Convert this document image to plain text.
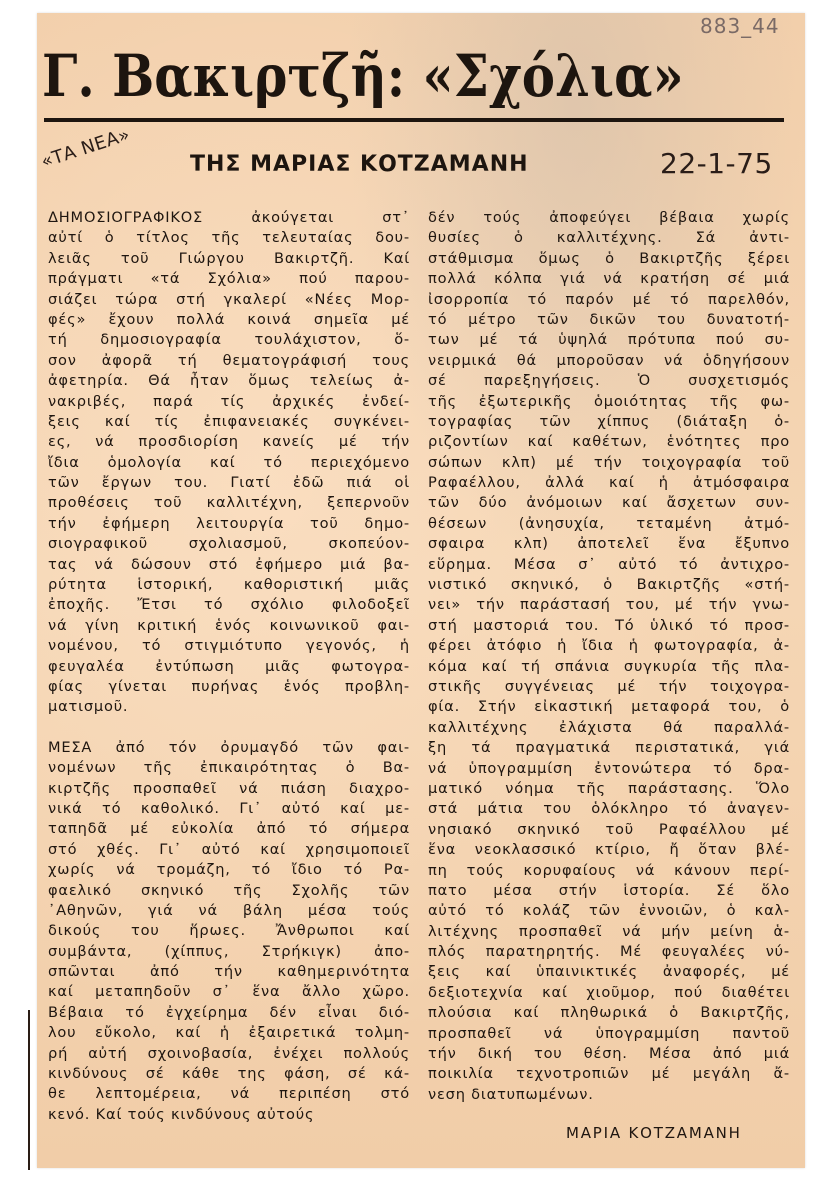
883_44
Γ. Βακιρτζῆ: «Σχόλια»
«ΤΑ ΝΕΑ»	ΤΗΣ ΜΑΡΙΑΣ ΚΟΤΖΑΜΑΝΗ	22-1-75
ΔΗΜΟΣΙΟΓΡΑΦΙΚΟΣ ἀκούγεται στ᾽
αὐτί ὁ τίτλος τῆς τελευταίας δου-
λειᾶς τοῦ Γιώργου Βακιρτζῆ. Καί
πράγματι «τά Σχόλια» πού παρου-
σιάζει τώρα στή γκαλερί «Νέες Μορ-
φές» ἔχουν πολλά κοινά σημεῖα μέ
τή δημοσιογραφία τουλάχιστον, ὅ-
σον ἀφορᾶ τή θεματογράφισή τους
ἀφετηρία. Θά ἦταν ὅμως τελείως ἀ-
νακριβές, παρά τίς ἀρχικές ἐνδεί-
ξεις καί τίς ἐπιφανειακές συγκένει-
ες, νά προσδιορίση κανείς μέ τήν
ἴδια ὁμολογία καί τό περιεχόμενο
τῶν ἔργων του. Γιατί ἐδῶ πιά οἱ
προθέσεις τοῦ καλλιτέχνη, ξεπερνοῦν
τήν ἐφήμερη λειτουργία τοῦ δημο-
σιογραφικοῦ σχολιασμοῦ, σκοπεύον-
τας νά δώσουν στό ἐφήμερο μιά βα-
ρύτητα ἱστορική, καθοριστική μιᾶς
ἐποχῆς. Ἔτσι τό σχόλιο φιλοδοξεῖ
νά γίνη κριτική ἑνός κοινωνικοῦ φαι-
νομένου, τό στιγμιότυπο γεγονός, ἡ
φευγαλέα ἐντύπωση μιᾶς φωτογρα-
φίας γίνεται πυρήνας ἑνός προβλη-
ματισμοῦ.
ΜΕΣΑ ἀπό τόν ὀρυμαγδό τῶν φαι-
νομένων τῆς ἐπικαιρότητας ὁ Βα-
κιρτζῆς προσπαθεῖ νά πιάση διαχρο-
νικά τό καθολικό. Γι᾽ αὐτό καί με-
ταπηδᾶ μέ εὐκολία ἀπό τό σήμερα
στό χθές. Γι᾽ αὐτό καί χρησιμοποιεῖ
χωρίς νά τρομάζη, τό ἴδιο τό Ρα-
φαελικό σκηνικό τῆς Σχολῆς τῶν
᾽Αθηνῶν, γιά νά βάλη μέσα τούς
δικούς του ἥρωες. Ἄνθρωποι καί
συμβάντα, (χίππυς, Στρήκιγκ) ἀπο-
σπῶνται ἀπό τήν καθημερινότητα
καί μεταπηδοῦν σ᾽ ἕνα ἄλλο χῶρο.
Βέβαια τό ἐγχείρημα δέν εἶναι διό-
λου εὔκολο, καί ἡ ἐξαιρετικά τολμη-
ρή αὐτή σχοινοβασία, ἐνέχει πολλούς
κινδύνους σέ κάθε της φάση, σέ κά-
θε λεπτομέρεια, νά περιπέση στό
κενό. Καί τούς κινδύνους αὐτούς
δέν τούς ἀποφεύγει βέβαια χωρίς
θυσίες ὁ καλλιτέχνης. Σά ἀντι-
στάθμισμα ὅμως ὁ Βακιρτζῆς ξέρει
πολλά κόλπα γιά νά κρατήση σέ μιά
ἰσορροπία τό παρόν μέ τό παρελθόν,
τό μέτρο τῶν δικῶν του δυνατοτή-
των μέ τά ὑψηλά πρότυπα πού συ-
νειρμικά θά μποροῦσαν νά ὁδηγήσουν
σέ παρεξηγήσεις. Ὁ συσχετισμός
τῆς ἐξωτερικῆς ὁμοιότητας τῆς φω-
τογραφίας τῶν χίππυς (διάταξη ὁ-
ριζοντίων καί καθέτων, ἑνότητες προ
σώπων κλπ) μέ τήν τοιχογραφία τοῦ
Ραφαέλλου, ἀλλά καί ἡ ἀτμόσφαιρα
τῶν δύο ἀνόμοιων καί ἄσχετων συν-
θέσεων (ἀνησυχία, τεταμένη ἀτμό-
σφαιρα κλπ) ἀποτελεῖ ἕνα ἔξυπνο
εὕρημα. Μέσα σ᾽ αὐτό τό ἀντιχρο-
νιστικό σκηνικό, ὁ Βακιρτζῆς «στή-
νει» τήν παράστασή του, μέ τήν γνω-
στή μαστοριά του. Τό ὑλικό τό προσ-
φέρει ἀτόφιο ἡ ἴδια ἡ φωτογραφία, ἀ-
κόμα καί τή σπάνια συγκυρία τῆς πλα-
στικῆς συγγένειας μέ τήν τοιχογρα-
φία. Στήν εἰκαστική μεταφορά του, ὁ
καλλιτέχνης ἐλάχιστα θά παραλλά-
ξη τά πραγματικά περιστατικά, γιά
νά ὑπογραμμίση ἐντονώτερα τό δρα-
ματικό νόημα τῆς παράστασης. Ὅλο
στά μάτια του ὁλόκληρο τό ἀναγεν-
νησιακό σκηνικό τοῦ Ραφαέλλου μέ
ἕνα νεοκλασσικό κτίριο, ἤ ὅταν βλέ-
πη τούς κορυφαίους νά κάνουν περί-
πατο μέσα στήν ἱστορία. Σέ ὅλο
αὐτό τό κολάζ τῶν ἐννοιῶν, ὁ καλ-
λιτέχνης προσπαθεῖ νά μήν μείνη ἁ-
πλός παρατηρητής. Μέ φευγαλέες νύ-
ξεις καί ὑπαινικτικές ἀναφορές, μέ
δεξιοτεχνία καί χιοῦμορ, πού διαθέτει
πλούσια καί πληθωρικά ὁ Βακιρτζῆς,
προσπαθεῖ νά ὑπογραμμίση παντοῦ
τήν δική του θέση. Μέσα ἀπό μιά
ποικιλία τεχνοτροπιῶν μέ μεγάλη ἄ-
νεση διατυπωμένων.
ΜΑΡΙΑ ΚΟΤΖΑΜΑΝΗ
